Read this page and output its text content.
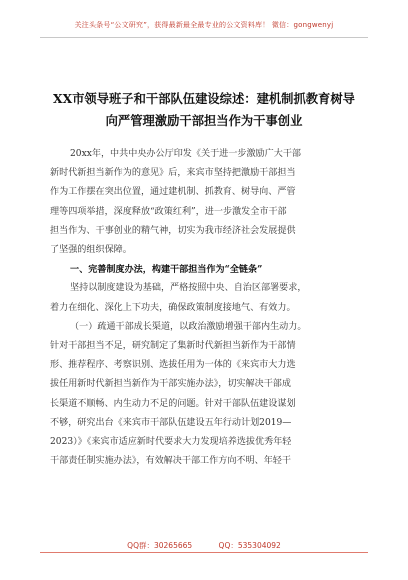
关注头条号“公文研究”，获得最新最全最专业的公文资料库！ 微信：gongwenyj
XX市领导班子和干部队伍建设综述：建机制抓教育树导
向严管理激励干部担当作为干事创业

20xx年，中共中央办公厅印发《关于进一步激励广大干部
新时代新担当新作为的意见》后，来宾市坚持把激励干部担当
作为工作摆在突出位置，通过建机制、抓教育、树导向、严管
理等四项举措，深度释放“政策红利”，进一步激发全市干部
担当作为、干事创业的精气神，切实为我市经济社会发展提供
了坚强的组织保障。

一、完善制度办法，构建干部担当作为“全链条”

坚持以制度建设为基础，严格按照中央、自治区部署要求，
着力在细化、深化上下功夫，确保政策制度接地气、有效力。

（一）疏通干部成长渠道，以政治激励增强干部内生动力。
针对干部担当不足，研究制定了集新时代新担当新作为干部情
形、推荐程序、考察识别、选拔任用为一体的《来宾市大力选
拔任用新时代新担当新作为干部实施办法》，切实解决干部成
长渠道不顺畅、内生动力不足的问题。针对干部队伍建设谋划
不够，研究出台《来宾市干部队伍建设五年行动计划2019—
2023）》《来宾市适应新时代要求大力发现培养选拔优秀年轻
干部责任制实施办法》，有效解决干部工作方向不明、年轻干

QQ群：30265665	QQ：535304092
